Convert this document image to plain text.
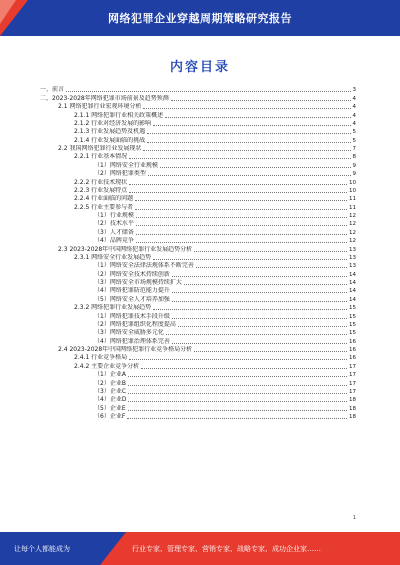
网络犯罪企业穿越周期策略研究报告
内容目录
一、前言	3
二、2023-2028年网络犯罪市场前景及趋势预测	4
2.1 网络犯罪行业宏观环境分析	4
2.1.1 网络犯罪行业相关政策概述	4
2.1.2 行业对经济发展的影响	4
2.1.3 行业发展趋势及机遇	5
2.1.4 行业发展面临的挑战	5
2.2 我国网络犯罪行业发展现状	7
2.2.1 行业基本情况	8
（1）网络安全行业规模	9
（2）网络犯罪类型	9
2.2.2 行业技术现状	10
2.2.3 行业发展特点	10
2.2.4 行业面临的问题	11
2.2.5 行业主要参与者	11
（1）行业规模	12
（2）技术水平	12
（3）人才储备	12
（4）品牌竞争	12
2.3 2023-2028年中国网络犯罪行业发展趋势分析	13
2.3.1 网络安全行业发展趋势	13
（1）网络安全法律法规体系不断完善	13
（2）网络安全技术持续创新	14
（3）网络安全市场规模持续扩大	14
（4）网络犯罪防范能力提升	14
（5）网络安全人才培养加强	14
2.3.2 网络犯罪行业发展趋势	15
（1）网络犯罪技术手段升级	15
（2）网络犯罪组织化程度提高	15
（3）网络安全威胁多元化	15
（4）网络犯罪治理体系完善	16
2.4 2023-2028年中国网络犯罪行业竞争格局分析	16
2.4.1 行业竞争格局	16
2.4.2 主要企业竞争分析	17
（1）企业A	17
（2）企业B	17
（3）企业C	17
（4）企业D	18
（5）企业E	18
（6）企业F	18
1
让每个人都能成为	行业专家、管理专家、营销专家、战略专家、成功企业家……
